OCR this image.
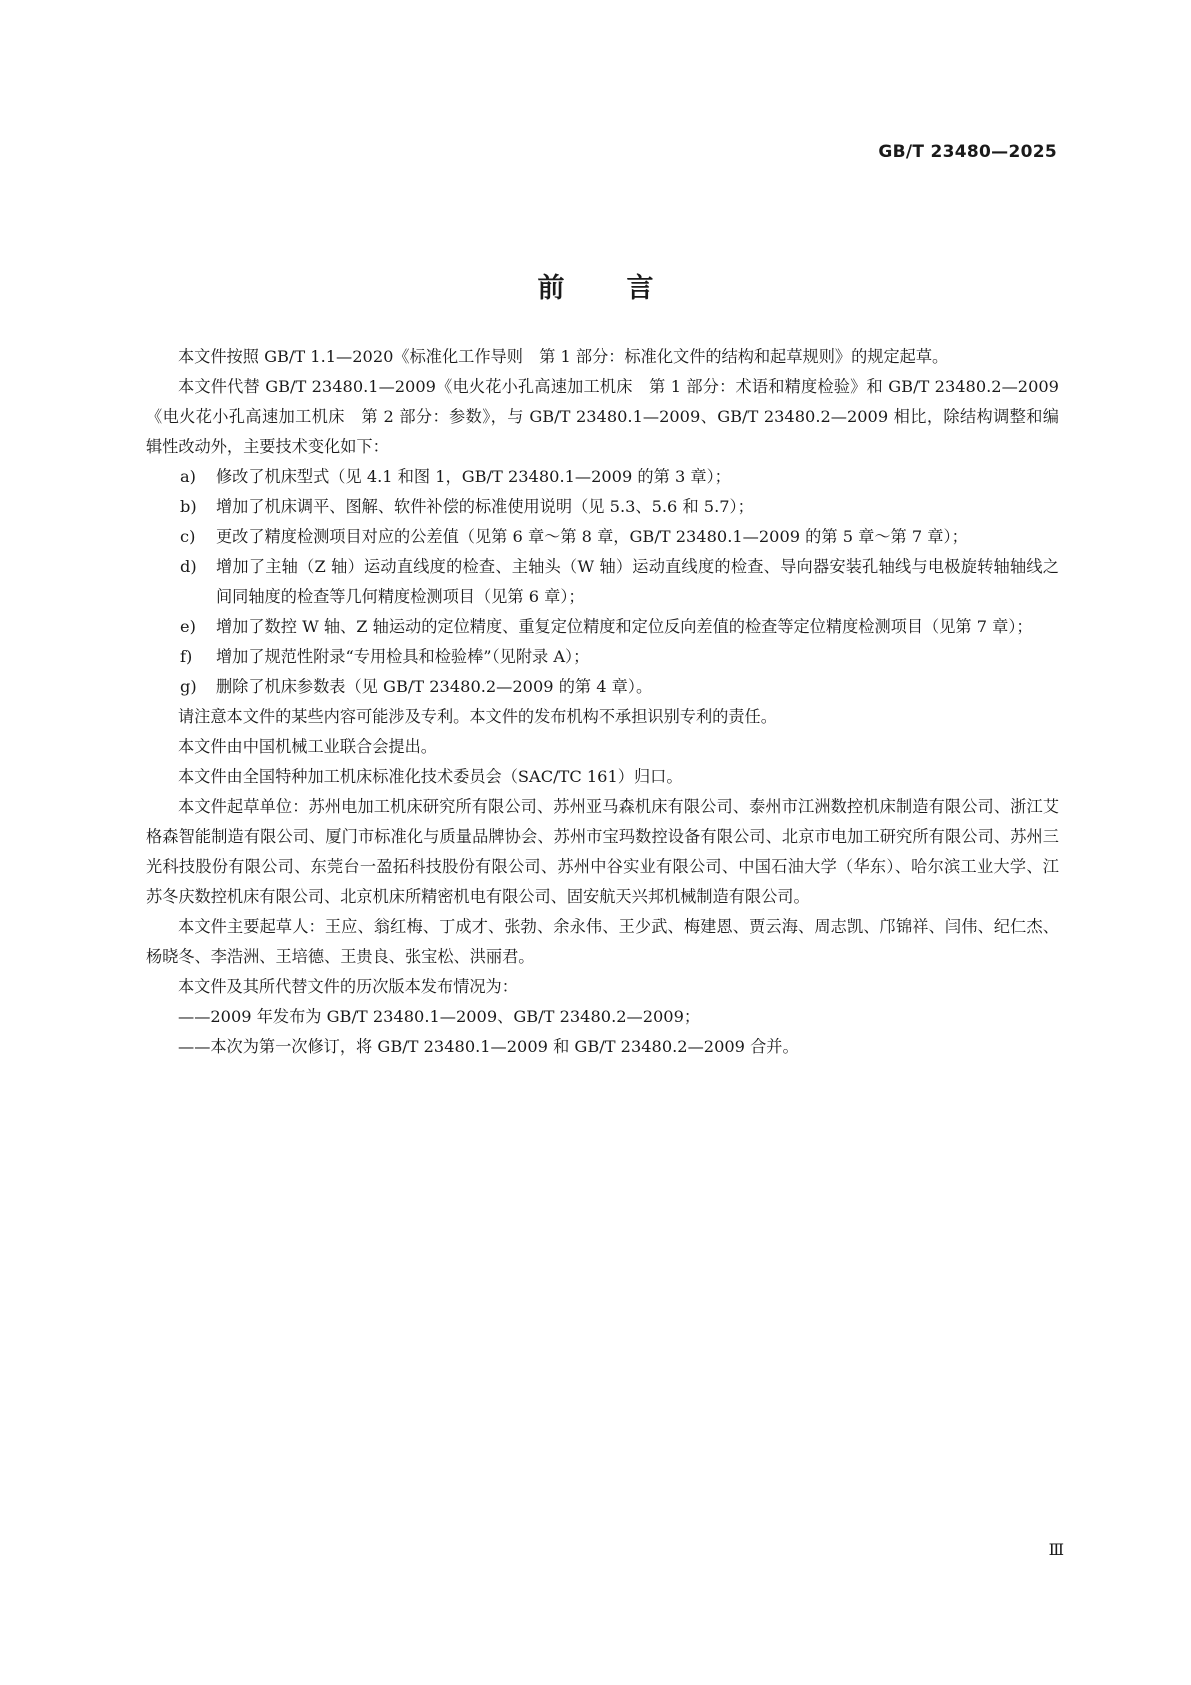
GB/T 23480—2025
前言

本文件按照 GB/T 1.1—2020《标准化工作导则　第 1 部分：标准化文件的结构和起草规则》的规定起草。

本文件代替 GB/T 23480.1—2009《电火花小孔高速加工机床　第 1 部分：术语和精度检验》和 GB/T 23480.2—2009《电火花小孔高速加工机床　第 2 部分：参数》，与 GB/T 23480.1—2009、GB/T 23480.2—2009 相比，除结构调整和编辑性改动外，主要技术变化如下：

a) 修改了机床型式（见 4.1 和图 1，GB/T 23480.1—2009 的第 3 章）；

b) 增加了机床调平、图解、软件补偿的标准使用说明（见 5.3、5.6 和 5.7）；

c) 更改了精度检测项目对应的公差值（见第 6 章～第 8 章，GB/T 23480.1—2009 的第 5 章～第 7 章）；

d) 增加了主轴（Z 轴）运动直线度的检查、主轴头（W 轴）运动直线度的检查、导向器安装孔轴线与电极旋转轴轴线之间同轴度的检查等几何精度检测项目（见第 6 章）；

e) 增加了数控 W 轴、Z 轴运动的定位精度、重复定位精度和定位反向差值的检查等定位精度检测项目（见第 7 章）；

f) 增加了规范性附录“专用检具和检验棒”（见附录 A）；

g) 删除了机床参数表（见 GB/T 23480.2—2009 的第 4 章）。

请注意本文件的某些内容可能涉及专利。本文件的发布机构不承担识别专利的责任。

本文件由中国机械工业联合会提出。

本文件由全国特种加工机床标准化技术委员会（SAC/TC 161）归口。

本文件起草单位：苏州电加工机床研究所有限公司、苏州亚马森机床有限公司、泰州市江洲数控机床制造有限公司、浙江艾格森智能制造有限公司、厦门市标准化与质量品牌协会、苏州市宝玛数控设备有限公司、北京市电加工研究所有限公司、苏州三光科技股份有限公司、东莞台一盈拓科技股份有限公司、苏州中谷实业有限公司、中国石油大学（华东）、哈尔滨工业大学、江苏冬庆数控机床有限公司、北京机床所精密机电有限公司、固安航天兴邦机械制造有限公司。

本文件主要起草人：王应、翁红梅、丁成才、张勃、余永伟、王少武、梅建恩、贾云海、周志凯、邝锦祥、闫伟、纪仁杰、杨晓冬、李浩洲、王培德、王贵良、张宝松、洪丽君。

本文件及其所代替文件的历次版本发布情况为：

——2009 年发布为 GB/T 23480.1—2009、GB/T 23480.2—2009；

——本次为第一次修订，将 GB/T 23480.1—2009 和 GB/T 23480.2—2009 合并。

Ⅲ
